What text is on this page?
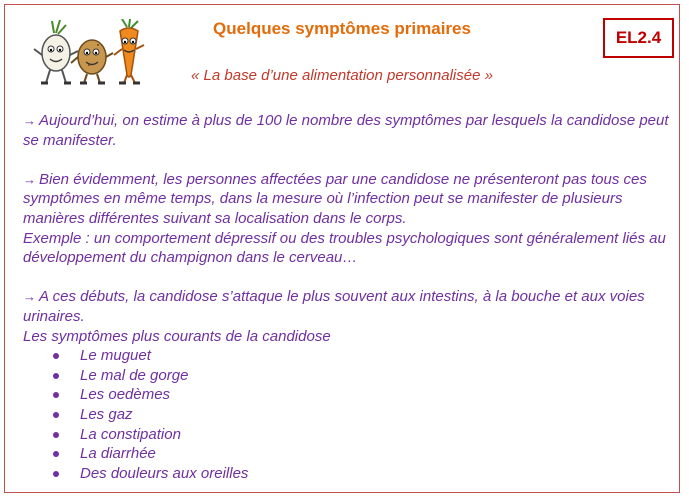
Quelques symptômes primaires	EL2.4
« La base d’une alimentation personnalisée »

→ Aujourd’hui, on estime à plus de 100 le nombre des symptômes par lesquels la candidose peut se manifester.

→ Bien évidemment, les personnes affectées par une candidose ne présenteront pas tous ces symptômes en même temps, dans la mesure où l’infection peut se manifester de plusieurs manières différentes suivant sa localisation dans le corps.
Exemple : un comportement dépressif ou des troubles psychologiques sont généralement liés au développement du champignon dans le cerveau…

→ A ces débuts, la candidose s’attaque le plus souvent aux intestins, à la bouche et aux voies urinaires.
Les symptômes plus courants de la candidose
Le muguet
Le mal de gorge
Les oedèmes
Les gaz
La constipation
La diarrhée
Des douleurs aux oreilles
